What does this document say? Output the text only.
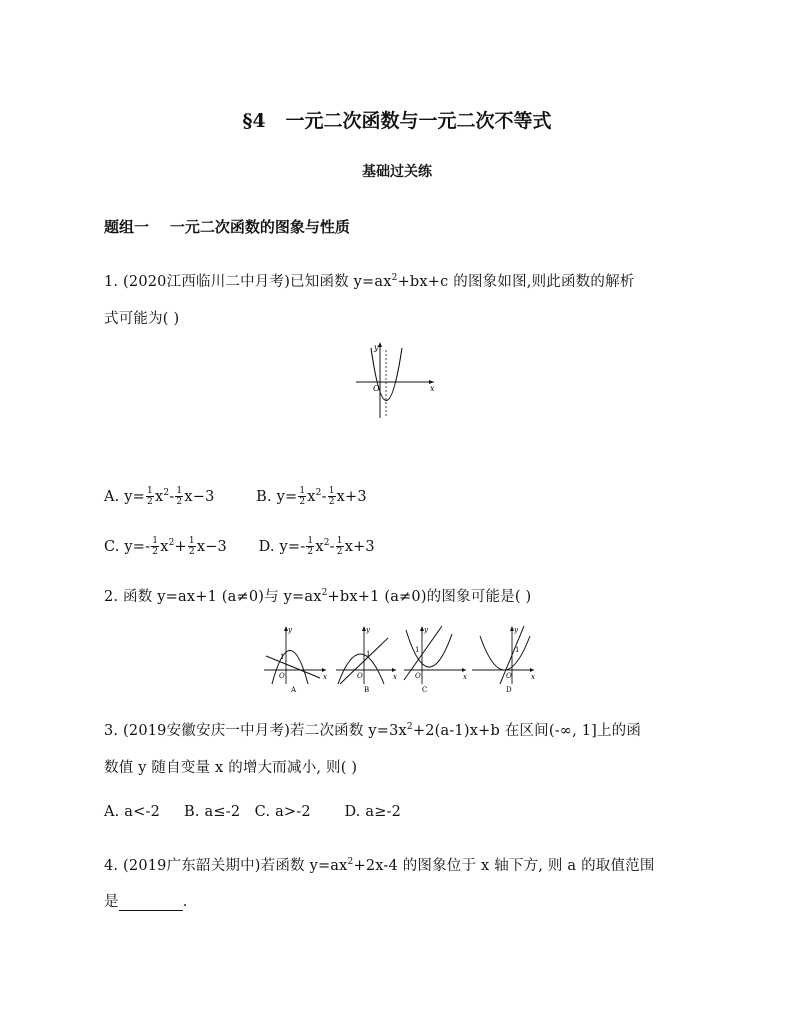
§4   一元二次函数与一元二次不等式
基础过关练
题组一    一元二次函数的图象与性质
1. (2020江西临川二中月考)已知函数 $y=ax^2+bx+c$ 的图象如图,则此函数的解析
式可能为( )
y
x
O
A. $y= \frac{1}{2} x^2- \frac{1}{2} x-3$	B. $y= \frac{1}{2} x^2- \frac{1}{2} x+3$
C. $y=- \frac{1}{2} x^2+ \frac{1}{2} x-3$ D. $y=- \frac{1}{2} x^2- \frac{1}{2} x+3$
2. 函数 y=ax+1 (a≠0)与 $y=ax^2+bx+1$ (a≠0)的图象可能是( )
y
x
O
1
A
y
x
O
1
B
y
x
O
1
C
y
x
O
1
D
3. (2019安徽安庆一中月考)若二次函数 $y=3x^2+2(a-1)x+b$ 在区间(-∞, 1]上的函
数值 y 随自变量 x 的增大而减小, 则( )
A. a<-2     B. a≤-2   C. a>-2       D. a≥-2
4. (2019广东韶关期中)若函数 $y=ax^2+2x-4$ 的图象位于 x 轴下方, 则 a 的取值范围
是	.
